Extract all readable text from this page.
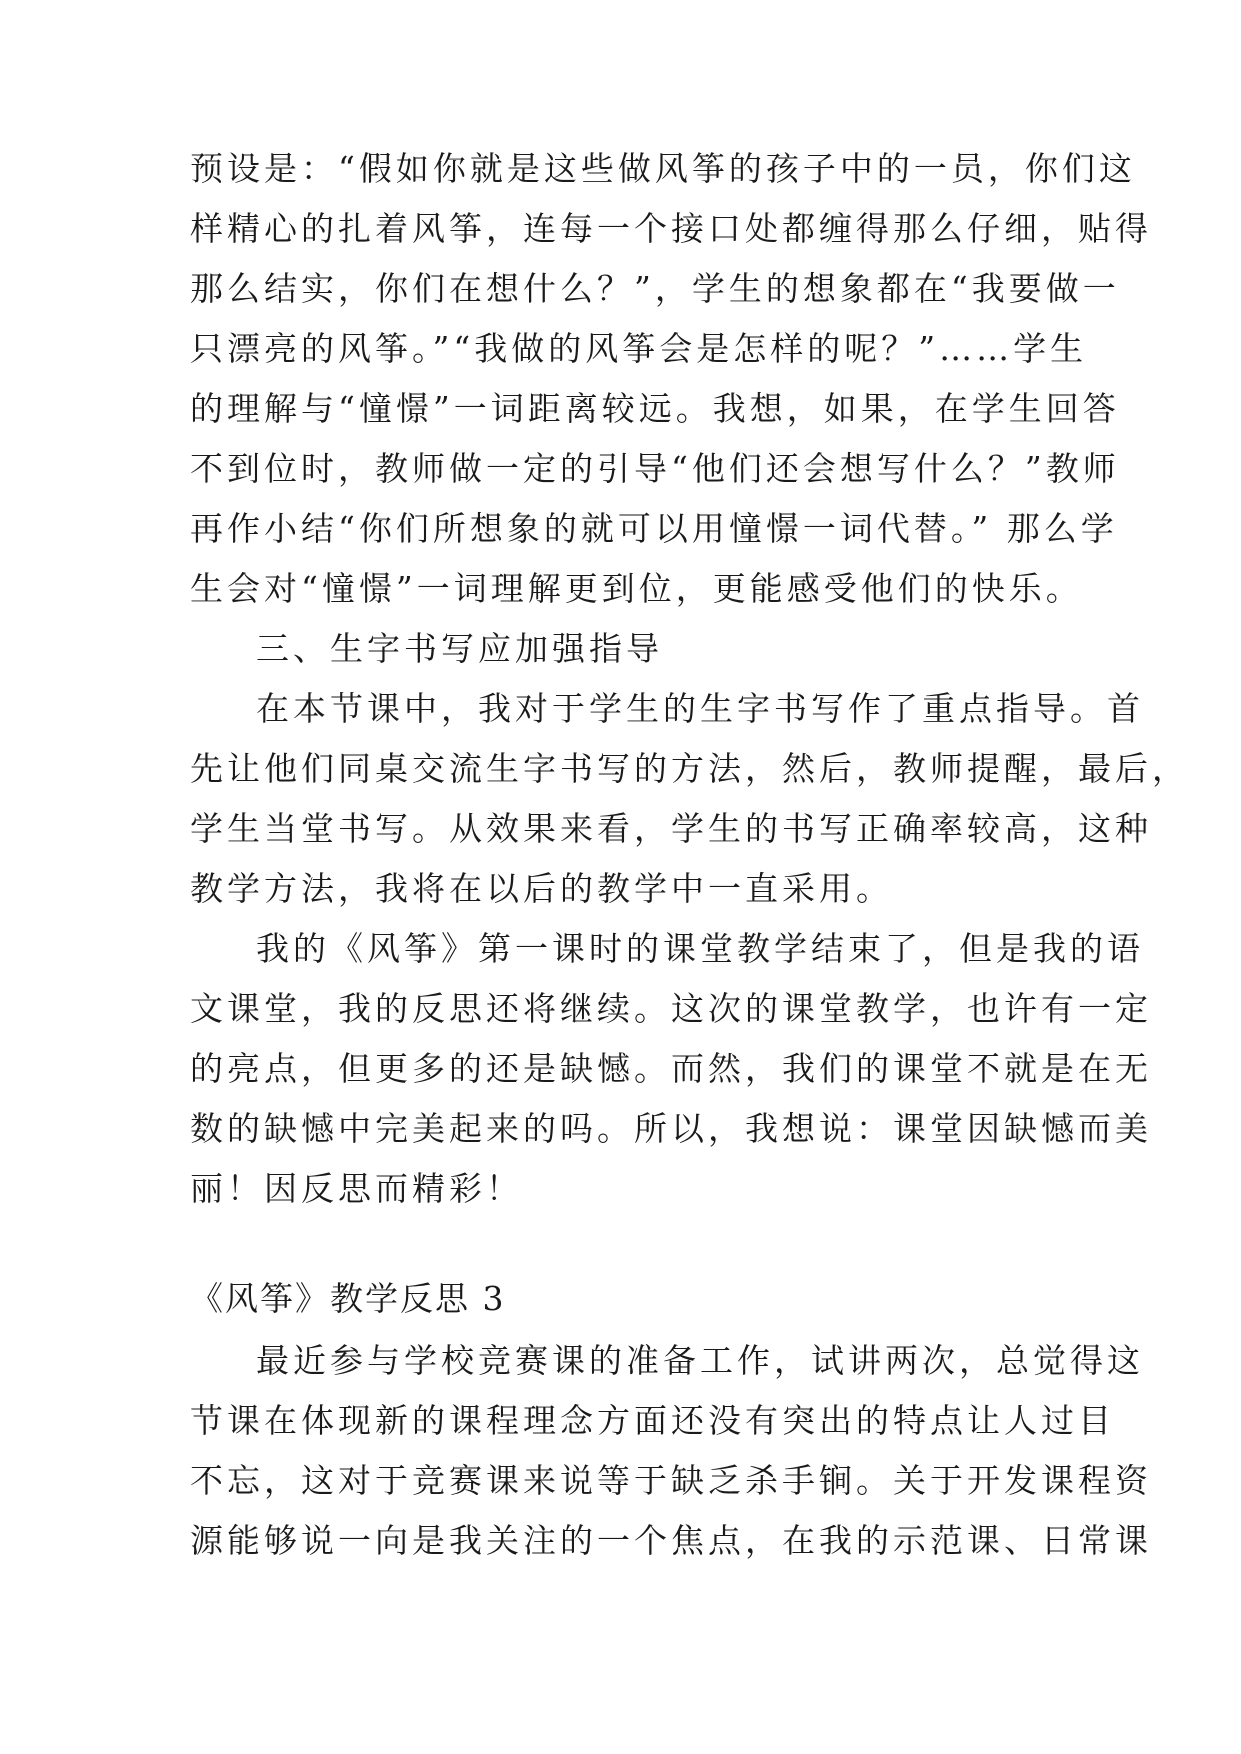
预设是：“假如你就是这些做风筝的孩子中的一员，你们这
样精心的扎着风筝，连每一个接口处都缠得那么仔细，贴得
那么结实，你们在想什么？”，学生的想象都在“我要做一
只漂亮的风筝。”“我做的风筝会是怎样的呢？”……学生
的理解与“憧憬”一词距离较远。我想，如果，在学生回答
不到位时，教师做一定的引导“他们还会想写什么？”教师
再作小结“你们所想象的就可以用憧憬一词代替。” 那么学
生会对“憧憬”一词理解更到位，更能感受他们的快乐。
三、生字书写应加强指导
在本节课中，我对于学生的生字书写作了重点指导。首
先让他们同桌交流生字书写的方法，然后，教师提醒，最后，
学生当堂书写。从效果来看，学生的书写正确率较高，这种
教学方法，我将在以后的教学中一直采用。
我的《风筝》第一课时的课堂教学结束了，但是我的语
文课堂，我的反思还将继续。这次的课堂教学，也许有一定
的亮点，但更多的还是缺憾。而然，我们的课堂不就是在无
数的缺憾中完美起来的吗。所以，我想说：课堂因缺憾而美
丽！因反思而精彩！
《风筝》教学反思 3
最近参与学校竞赛课的准备工作，试讲两次，总觉得这
节课在体现新的课程理念方面还没有突出的特点让人过目
不忘，这对于竞赛课来说等于缺乏杀手锏。关于开发课程资
源能够说一向是我关注的一个焦点，在我的示范课、日常课
